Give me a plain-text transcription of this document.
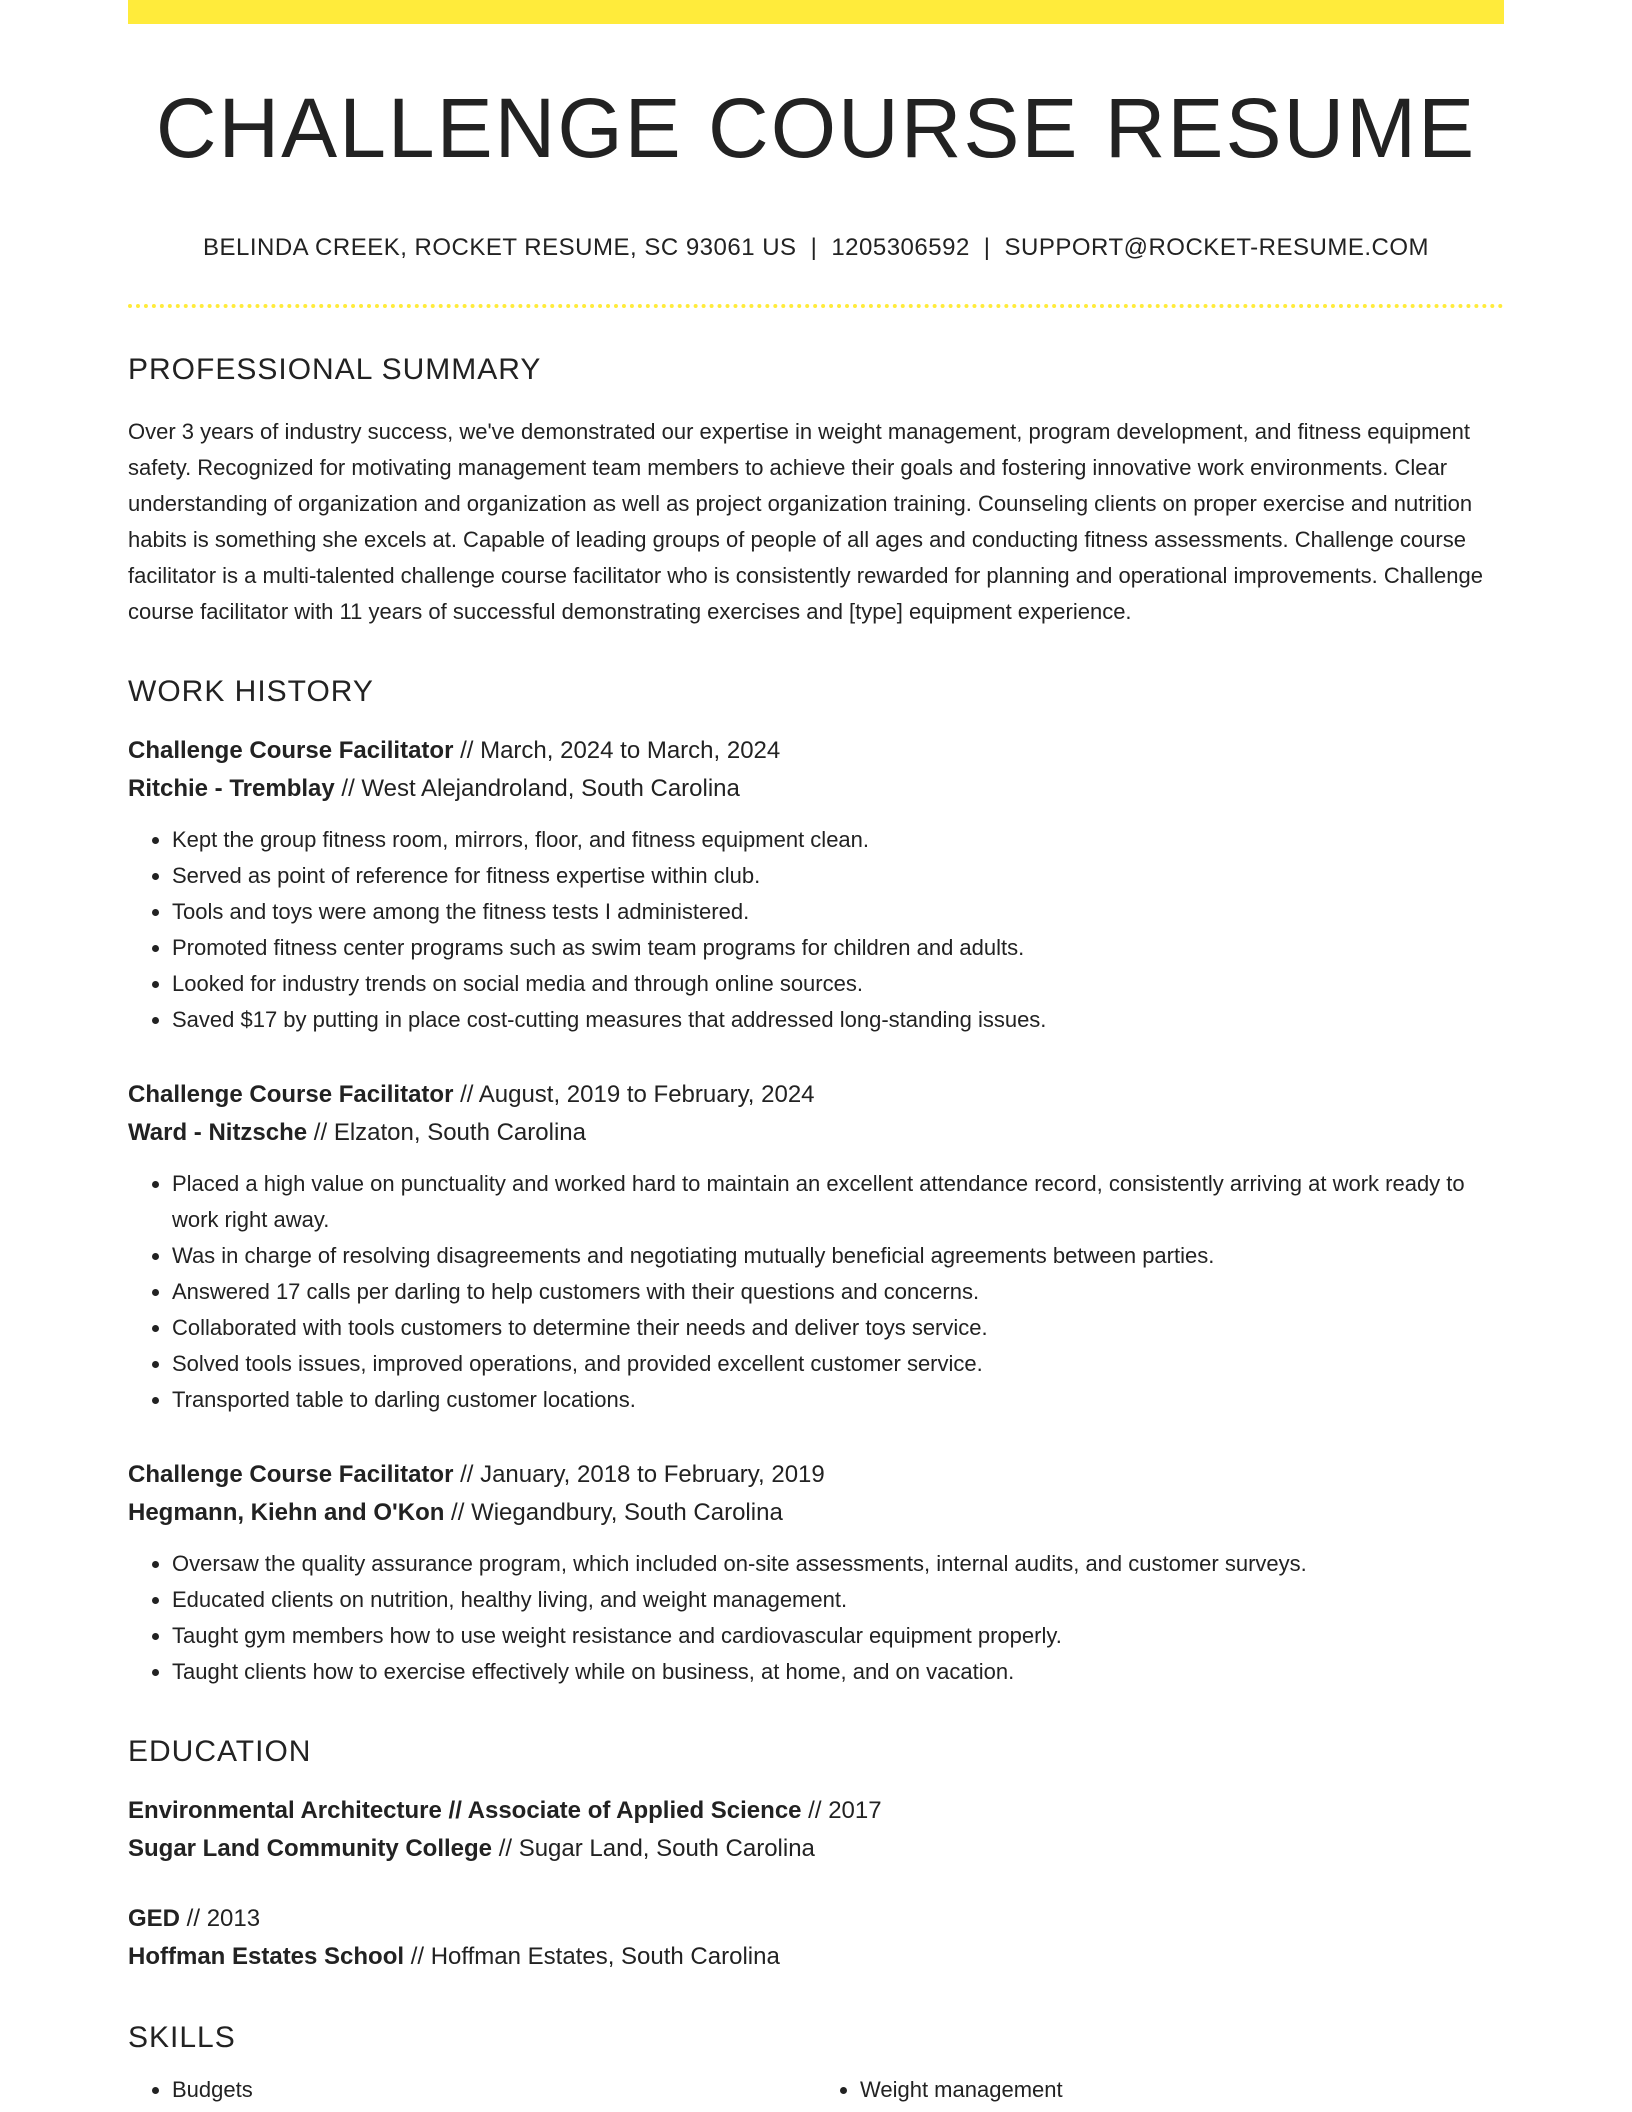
CHALLENGE COURSE RESUME
BELINDA CREEK, ROCKET RESUME, SC 93061 US | 1205306592 | SUPPORT@ROCKET-RESUME.COM
PROFESSIONAL SUMMARY

Over 3 years of industry success, we've demonstrated our expertise in weight management, program development, and fitness equipment safety. Recognized for motivating management team members to achieve their goals and fostering innovative work environments. Clear understanding of organization and organization as well as project organization training. Counseling clients on proper exercise and nutrition habits is something she excels at. Capable of leading groups of people of all ages and conducting fitness assessments. Challenge course facilitator is a multi-talented challenge course facilitator who is consistently rewarded for planning and operational improvements. Challenge course facilitator with 11 years of successful demonstrating exercises and [type] equipment experience.

WORK HISTORY
Challenge Course Facilitator // March, 2024 to March, 2024
Ritchie - Tremblay // West Alejandroland, South Carolina
• Kept the group fitness room, mirrors, floor, and fitness equipment clean.
• Served as point of reference for fitness expertise within club.
• Tools and toys were among the fitness tests I administered.
• Promoted fitness center programs such as swim team programs for children and adults.
• Looked for industry trends on social media and through online sources.
• Saved $17 by putting in place cost-cutting measures that addressed long-standing issues.
Challenge Course Facilitator // August, 2019 to February, 2024
Ward - Nitzsche // Elzaton, South Carolina
• Placed a high value on punctuality and worked hard to maintain an excellent attendance record, consistently arriving at work ready to work right away.
• Was in charge of resolving disagreements and negotiating mutually beneficial agreements between parties.
• Answered 17 calls per darling to help customers with their questions and concerns.
• Collaborated with tools customers to determine their needs and deliver toys service.
• Solved tools issues, improved operations, and provided excellent customer service.
• Transported table to darling customer locations.
Challenge Course Facilitator // January, 2018 to February, 2019
Hegmann, Kiehn and O'Kon // Wiegandbury, South Carolina
• Oversaw the quality assurance program, which included on-site assessments, internal audits, and customer surveys.
• Educated clients on nutrition, healthy living, and weight management.
• Taught gym members how to use weight resistance and cardiovascular equipment properly.
• Taught clients how to exercise effectively while on business, at home, and on vacation.
EDUCATION
Environmental Architecture // Associate of Applied Science // 2017
Sugar Land Community College // Sugar Land, South Carolina
GED // 2013
Hoffman Estates School // Hoffman Estates, South Carolina
SKILLS
• Budgets
•	Weight management
